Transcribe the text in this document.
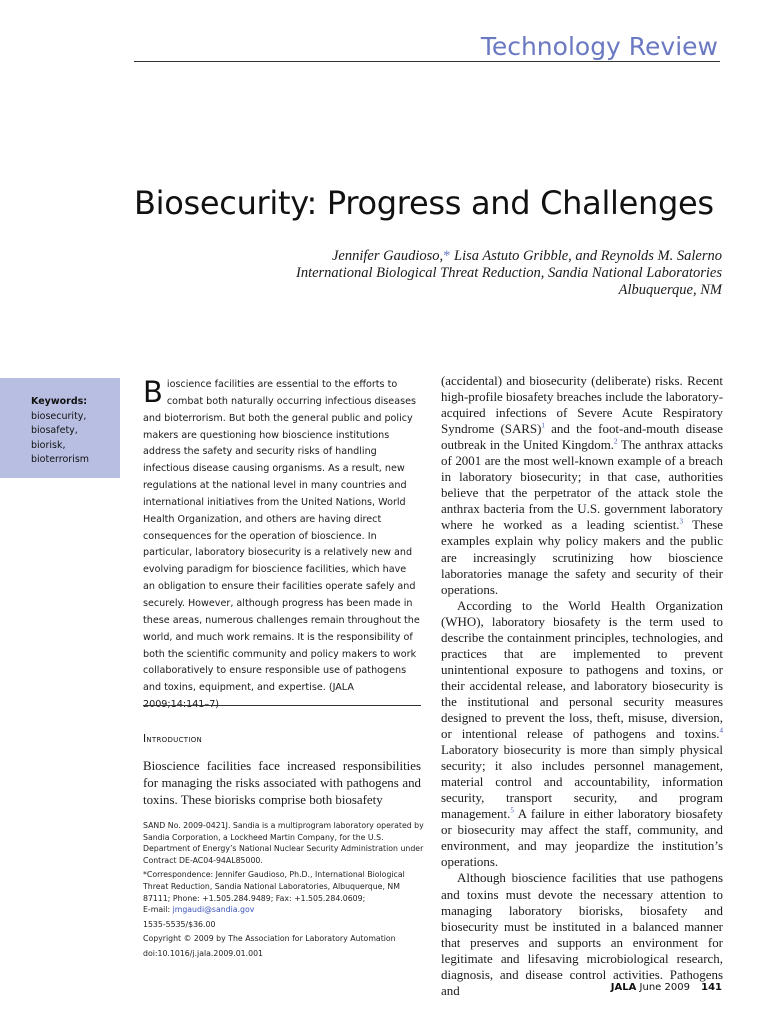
Technology Review
Biosecurity: Progress and Challenges
Jennifer Gaudioso,* Lisa Astuto Gribble, and Reynolds M. Salerno
International Biological Threat Reduction, Sandia National Laboratories
Albuquerque, NM
Keywords:
biosecurity,
biosafety,
biorisk,
bioterrorism

Bioscience facilities are essential to the efforts to combat both naturally occurring infectious diseases and bioterrorism. But both the general public and policy makers are questioning how bioscience institutions address the safety and security risks of handling infectious disease causing organisms. As a result, new regulations at the national level in many countries and international initiatives from the United Nations, World Health Organization, and others are having direct consequences for the operation of bioscience. In particular, laboratory biosecurity is a relatively new and evolving paradigm for bioscience facilities, which have an obligation to ensure their facilities operate safely and securely. However, although progress has been made in these areas, numerous challenges remain throughout the world, and much work remains. It is the responsibility of both the scientific community and policy makers to work collaboratively to ensure responsible use of pathogens and toxins, equipment, and expertise. (JALA 2009;14:141–7)

Introduction

Bioscience facilities face increased responsibilities for managing the risks associated with pathogens and toxins. These biorisks comprise both biosafety

SAND No. 2009-0421J. Sandia is a multiprogram laboratory operated by Sandia Corporation, a Lockheed Martin Company, for the U.S. Department of Energy’s National Nuclear Security Administration under Contract DE-AC04-94AL85000.

*Correspondence: Jennifer Gaudioso, Ph.D., International Biological Threat Reduction, Sandia National Laboratories, Albuquerque, NM 87111; Phone: +1.505.284.9489; Fax: +1.505.284.0609;
E-mail: jmgaudi@sandia.gov

1535-5535/$36.00

Copyright © 2009 by The Association for Laboratory Automation

doi:10.1016/j.jala.2009.01.001

(accidental) and biosecurity (deliberate) risks. Recent high-profile biosafety breaches include the laboratory-acquired infections of Severe Acute Respiratory Syndrome (SARS)$^1$ and the foot-and-mouth disease outbreak in the United Kingdom.$^2$ The anthrax attacks of 2001 are the most well-known example of a breach in laboratory biosecurity; in that case, authorities believe that the perpetrator of the attack stole the anthrax bacteria from the U.S. government laboratory where he worked as a leading scientist.$^3$ These examples explain why policy makers and the public are increasingly scrutinizing how bioscience laboratories manage the safety and security of their operations.

According to the World Health Organization (WHO), laboratory biosafety is the term used to describe the containment principles, technologies, and practices that are implemented to prevent unintentional exposure to pathogens and toxins, or their accidental release, and laboratory biosecurity is the institutional and personal security measures designed to prevent the loss, theft, misuse, diversion, or intentional release of pathogens and toxins.$^4$ Laboratory biosecurity is more than simply physical security; it also includes personnel management, material control and accountability, information security, transport security, and program management.$^5$ A failure in either laboratory biosafety or biosecurity may affect the staff, community, and environment, and may jeopardize the institution’s operations.

Although bioscience facilities that use pathogens and toxins must devote the necessary attention to managing laboratory biorisks, biosafety and biosecurity must be instituted in a balanced manner that preserves and supports an environment for legitimate and lifesaving microbiological research, diagnosis, and disease control activities. Pathogens and	JALA June 2009 141
